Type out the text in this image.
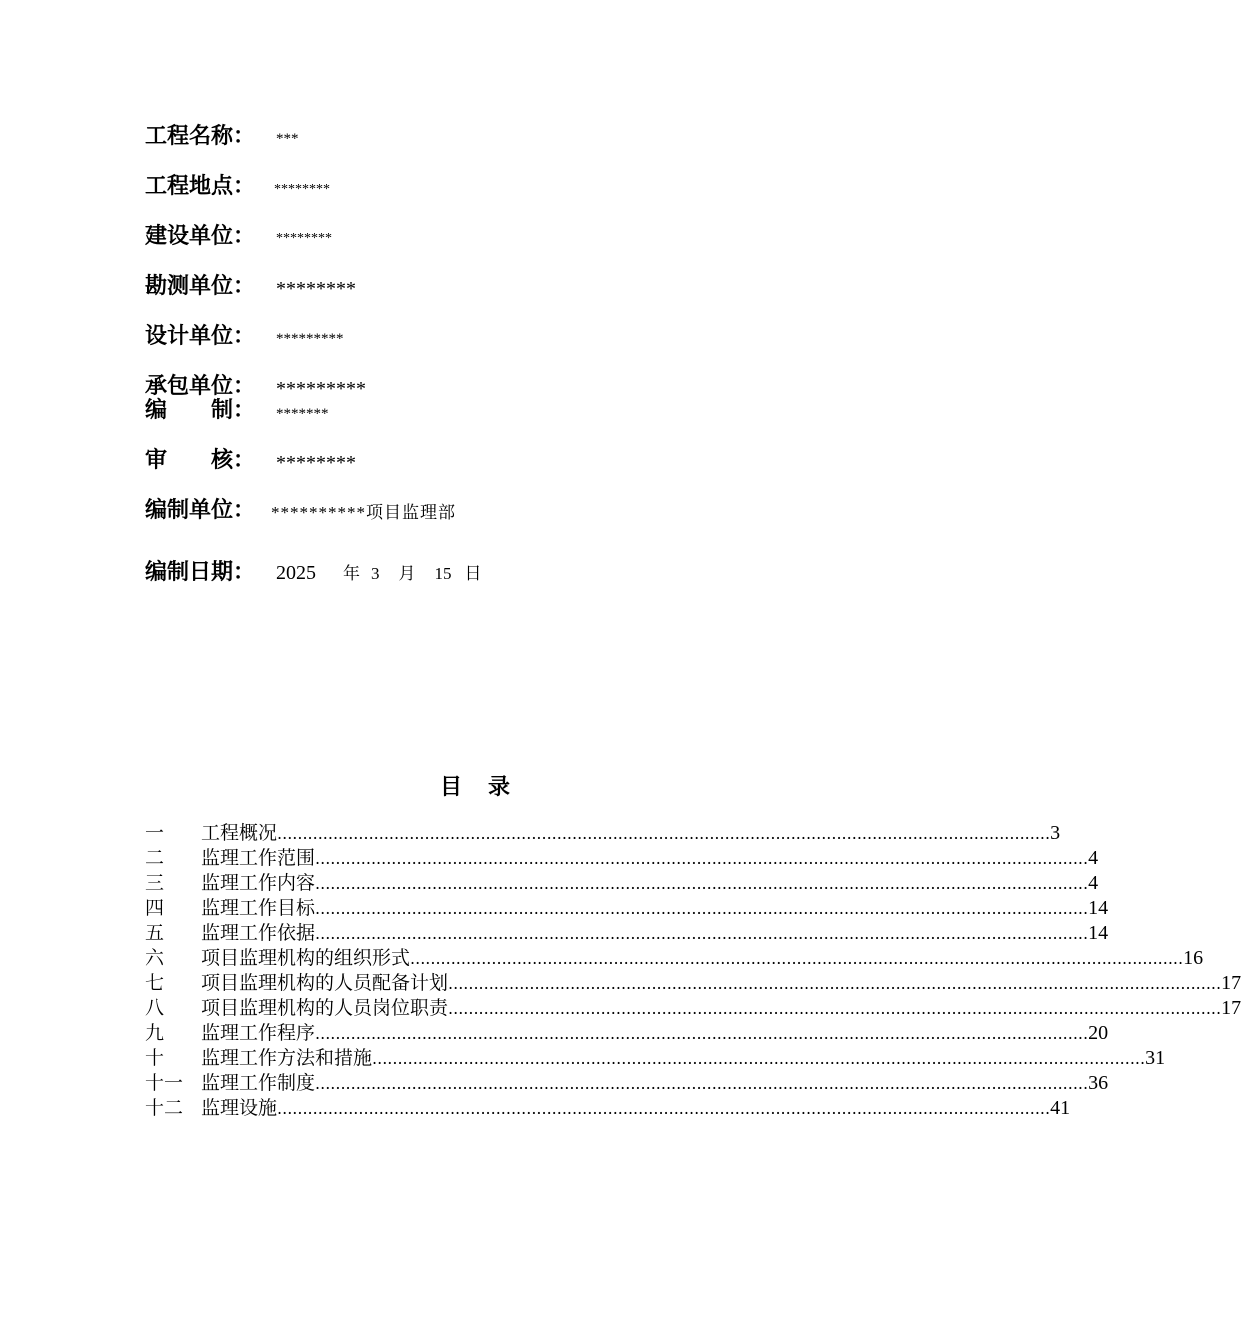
工程名称： ***
工程地点： ********
建设单位： ********
勘测单位： ********
设计单位： *********
承包单位： *********
编　　制： *******
审　　核： ********
编制单位： **********项目监理部
编制日期： 2025 年 3 月 15 日
目录
一	工程概况 ........................................................................................................................................................ 3
二	监理工作范围 ........................................................................................................................................................ 4
三	监理工作内容 ........................................................................................................................................................ 4
四	监理工作目标 ........................................................................................................................................................ 14
五	监理工作依据 ........................................................................................................................................................ 14
六	项目监理机构的组织形式 ........................................................................................................................................................ 16
七	项目监理机构的人员配备计划 ........................................................................................................................................................ 17
八	项目监理机构的人员岗位职责 ........................................................................................................................................................ 17
九	监理工作程序 ........................................................................................................................................................ 20
十	监理工作方法和措施 ........................................................................................................................................................ 31
十一 监理工作制度 ........................................................................................................................................................ 36
十二 监理设施 ........................................................................................................................................................ 41
